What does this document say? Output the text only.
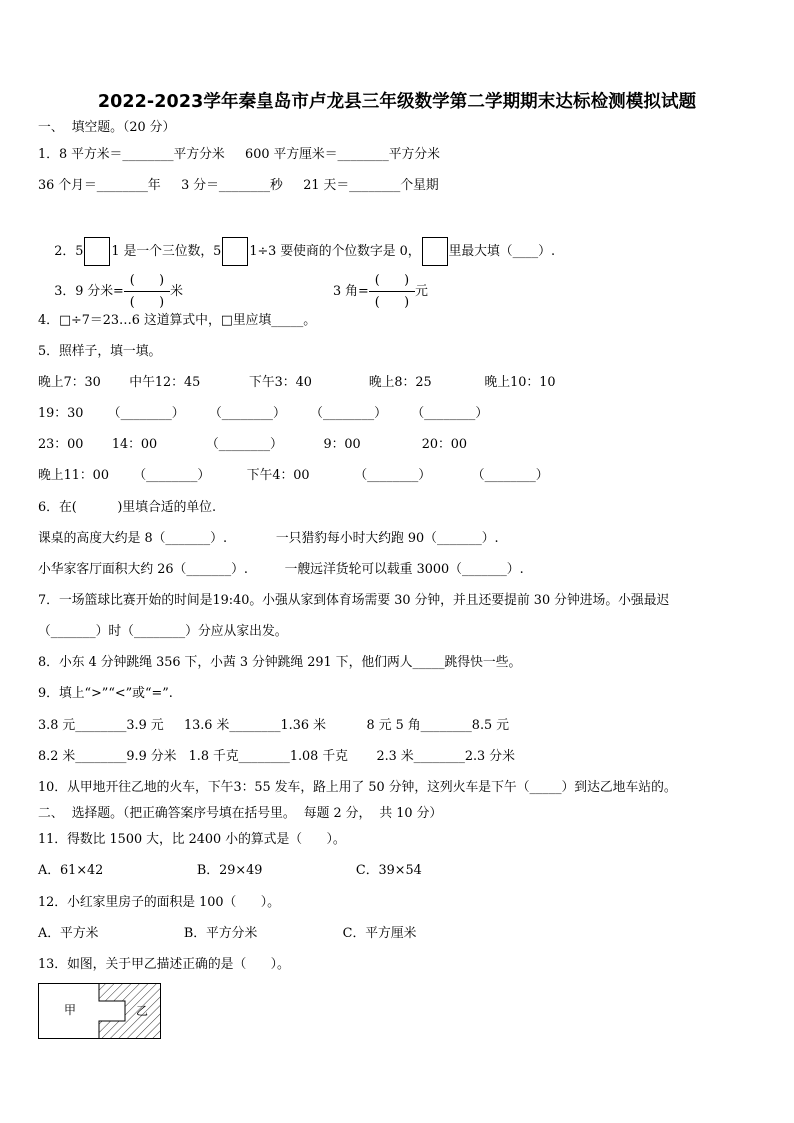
2022-2023学年秦皇岛市卢龙县三年级数学第二学期期末达标检测模拟试题
一、  填空题。（20 分）
1．8 平方米＝________平方分米     600 平方厘米＝________平方分米
36 个月＝________年     3 分＝________秒     21 天＝________个星期

2．5 1 是一个三位数，5 1÷3 要使商的个位数字是 0， 里最大填（____）.

3．9 分米= $\frac{( )}{( )}$ 米	3 角= $\frac{( )}{( )}$ 元

4．□÷7＝23…6 这道算式中，□里应填_____。
5．照样子，填一填。
晚上7：30       中午12：45            下午3：40              晚上8：25             晚上10：10
19：30      （________）      （________）      （________）      （________）
23：00       14：00            （________）          9：00               20：00
晚上11：00      （________）         下午4：00           （________）          （________）
6．在(          )里填合适的单位.
课桌的高度大约是 8（_______）.            一只猎豹每小时大约跑 90（_______）.
小华家客厅面积大约 26（_______）.         一艘远洋货轮可以载重 3000（_______）.
7．一场篮球比赛开始的时间是19:40。小强从家到体育场需要 30 分钟，并且还要提前 30 分钟进场。小强最迟
（_______）时（________）分应从家出发。
8．小东 4 分钟跳绳 356 下，小茜 3 分钟跳绳 291 下，他们两人_____跳得快一些。
9．填上“>”“<”或“=”.
3.8 元________3.9 元     13.6 米________1.36 米          8 元 5 角________8.5 元
8.2 米________9.9 分米   1.8 千克________1.08 千克       2.3 米________2.3 分米
10．从甲地开往乙地的火车，下午3：55 发车，路上用了 50 分钟，这列火车是下午（_____）到达乙地车站的。
二、  选择题。（把正确答案序号填在括号里。  每题 2 分，  共 10 分）
11．得数比 1500 大，比 2400 小的算式是（      ）。
A．61×42                       B．29×49                       C．39×54
12．小红家里房子的面积是 100（      ）。
A．平方米                     B．平方分米                     C．平方厘米
13．如图，关于甲乙描述正确的是（      ）。
甲	乙
